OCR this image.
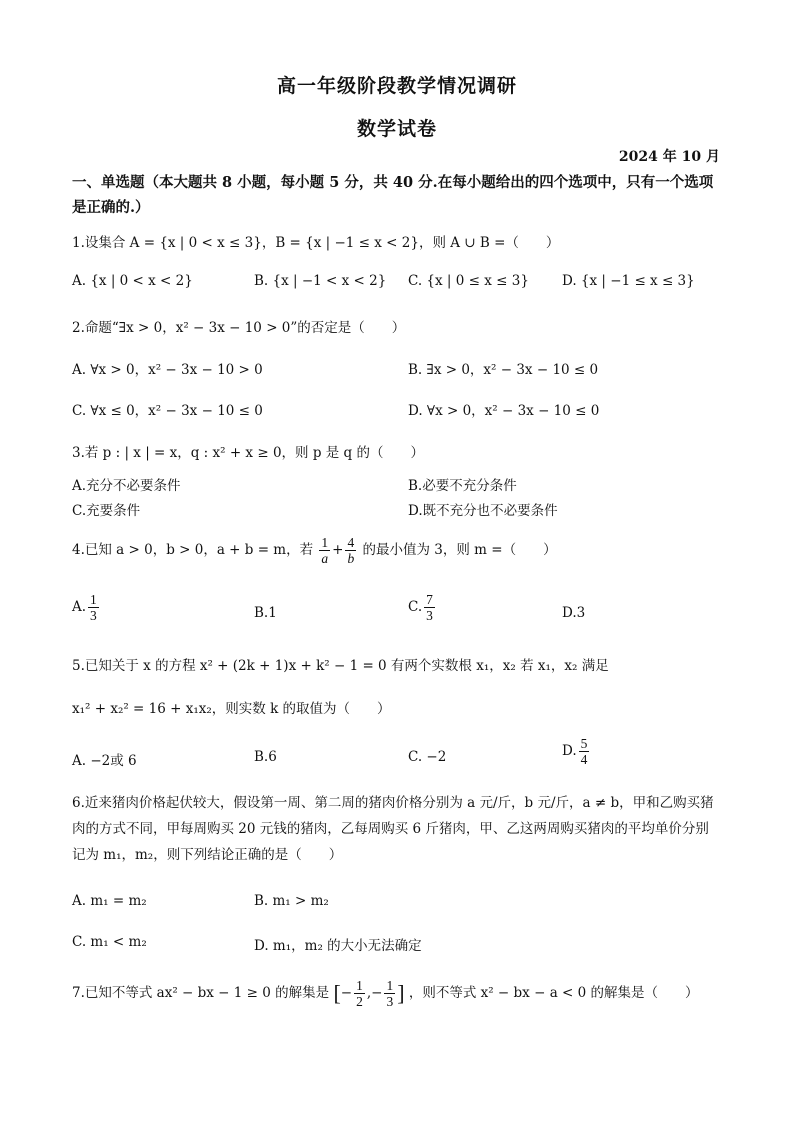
高一年级阶段教学情况调研
数学试卷
2024 年 10 月
一、单选题（本大题共 8 小题，每小题 5 分，共 40 分.在每小题给出的四个选项中，只有一个选项是正确的.）
1.设集合 A = {x | 0 < x ≤ 3}，B = {x | −1 ≤ x < 2}，则 A ∪ B =（　　）
A. {x | 0 < x < 2}	B. {x | −1 < x < 2} C. {x | 0 ≤ x ≤ 3} D. {x | −1 ≤ x ≤ 3}
2.命题“∃x > 0，x² − 3x − 10 > 0”的否定是（　　）
A. ∀x > 0，x² − 3x − 10 > 0	B. ∃x > 0，x² − 3x − 10 ≤ 0
C. ∀x ≤ 0，x² − 3x − 10 ≤ 0	D. ∀x > 0，x² − 3x − 10 ≤ 0
3.若 p : | x | = x，q : x² + x ≥ 0，则 p 是 q 的（　　）
A.充分不必要条件	B.必要不充分条件
C.充要条件	D.既不充分也不必要条件
4.已知 a > 0，b > 0，a + b = m，若 $\frac{1}{a} + \frac{4}{b}$ 的最小值为 3，则 m =（　　）
A. $\frac{1}{3}$	B.1	C. $\frac{7}{3}$	D.3
5.已知关于 x 的方程 x² + (2k + 1)x + k² − 1 = 0 有两个实数根 x₁，x₂ 若 x₁，x₂ 满足
x₁² + x₂² = 16 + x₁x₂，则实数 k 的取值为（　　）
A. −2或 6	B.6	C. −2	D. $\frac{5}{4}$
6.近来猪肉价格起伏较大，假设第一周、第二周的猪肉价格分别为 a 元/斤，b 元/斤，a ≠ b，甲和乙购买猪肉的方式不同，甲每周购买 20 元钱的猪肉，乙每周购买 6 斤猪肉，甲、乙这两周购买猪肉的平均单价分别记为 m₁，m₂，则下列结论正确的是（　　）
A. m₁ = m₂	B. m₁ > m₂
C. m₁ < m₂	D. m₁，m₂ 的大小无法确定
7.已知不等式 ax² − bx − 1 ≥ 0 的解集是 [− $\frac{1}{2}$ ,− $\frac{1}{3}$ ] ，则不等式 x² − bx − a < 0 的解集是（　　）
